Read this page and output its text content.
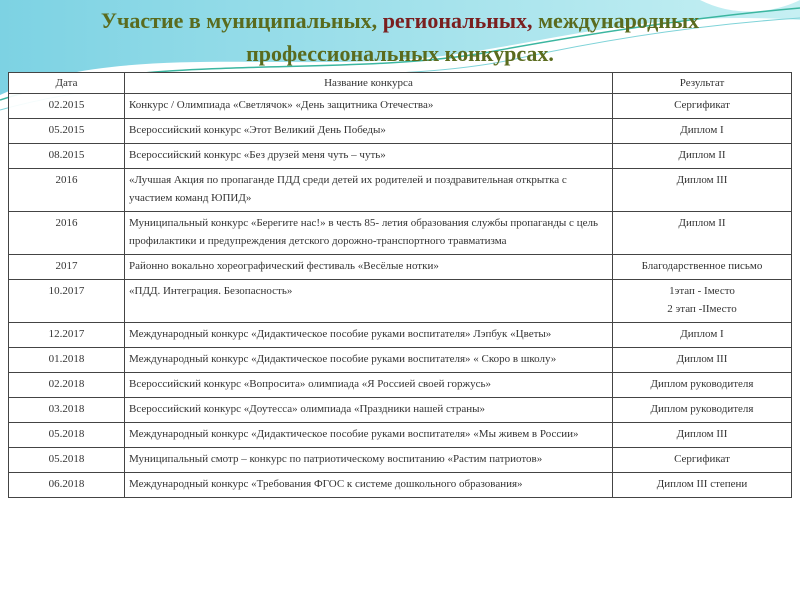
Участие в муниципальных, региональных, международных
профессиональных конкурсах.
Дата	Название конкурса	Результат
02.2015	Конкурс / Олимпиада «Светлячок» «День защитника Отечества»	Сергификат
05.2015	Всероссийский конкурс «Этот Великий День Победы»	Диплом I
08.2015	Всероссийский конкурс «Без друзей меня чуть – чуть»	Диплом II
2016	«Лучшая Акция по пропаганде ПДД среди детей их родителей и поздравительная открытка с участием команд ЮПИД»	Диплом III
2016	Муниципальный конкурс «Берегите нас!» в честь 85- летия образования службы пропаганды с цель профилактики и предупреждения детского дорожно-транспортного травматизма	Диплом II
2017	Районно вокально хореографический фестиваль «Весёлые нотки»	Благодарственное письмо
10.2017	«ПДД. Интеграция. Безопасность»	1этап - Iместо
2 этап -IIместо
12.2017	Международный конкурс «Дидактическое пособие руками воспитателя» Лэпбук «Цветы»	Диплом I
01.2018	Международный конкурс «Дидактическое пособие руками воспитателя» « Скоро в школу»	Диплом III
02.2018	Всероссийский конкурс «Вопросита» олимпиада «Я Россией своей горжусь»	Диплом руководителя
03.2018	Всероссийский конкурс «Доутесса» олимпиада «Праздники нашей страны»	Диплом руководителя
05.2018	Международный конкурс «Дидактическое пособие руками воспитателя» «Мы живем в России»	Диплом III
05.2018	Муниципальный смотр – конкурс по патриотическому воспитанию «Растим патриотов»	Сергификат
06.2018	Международный конкурс «Требования ФГОС к системе дошкольного образования»	Диплом III степени
